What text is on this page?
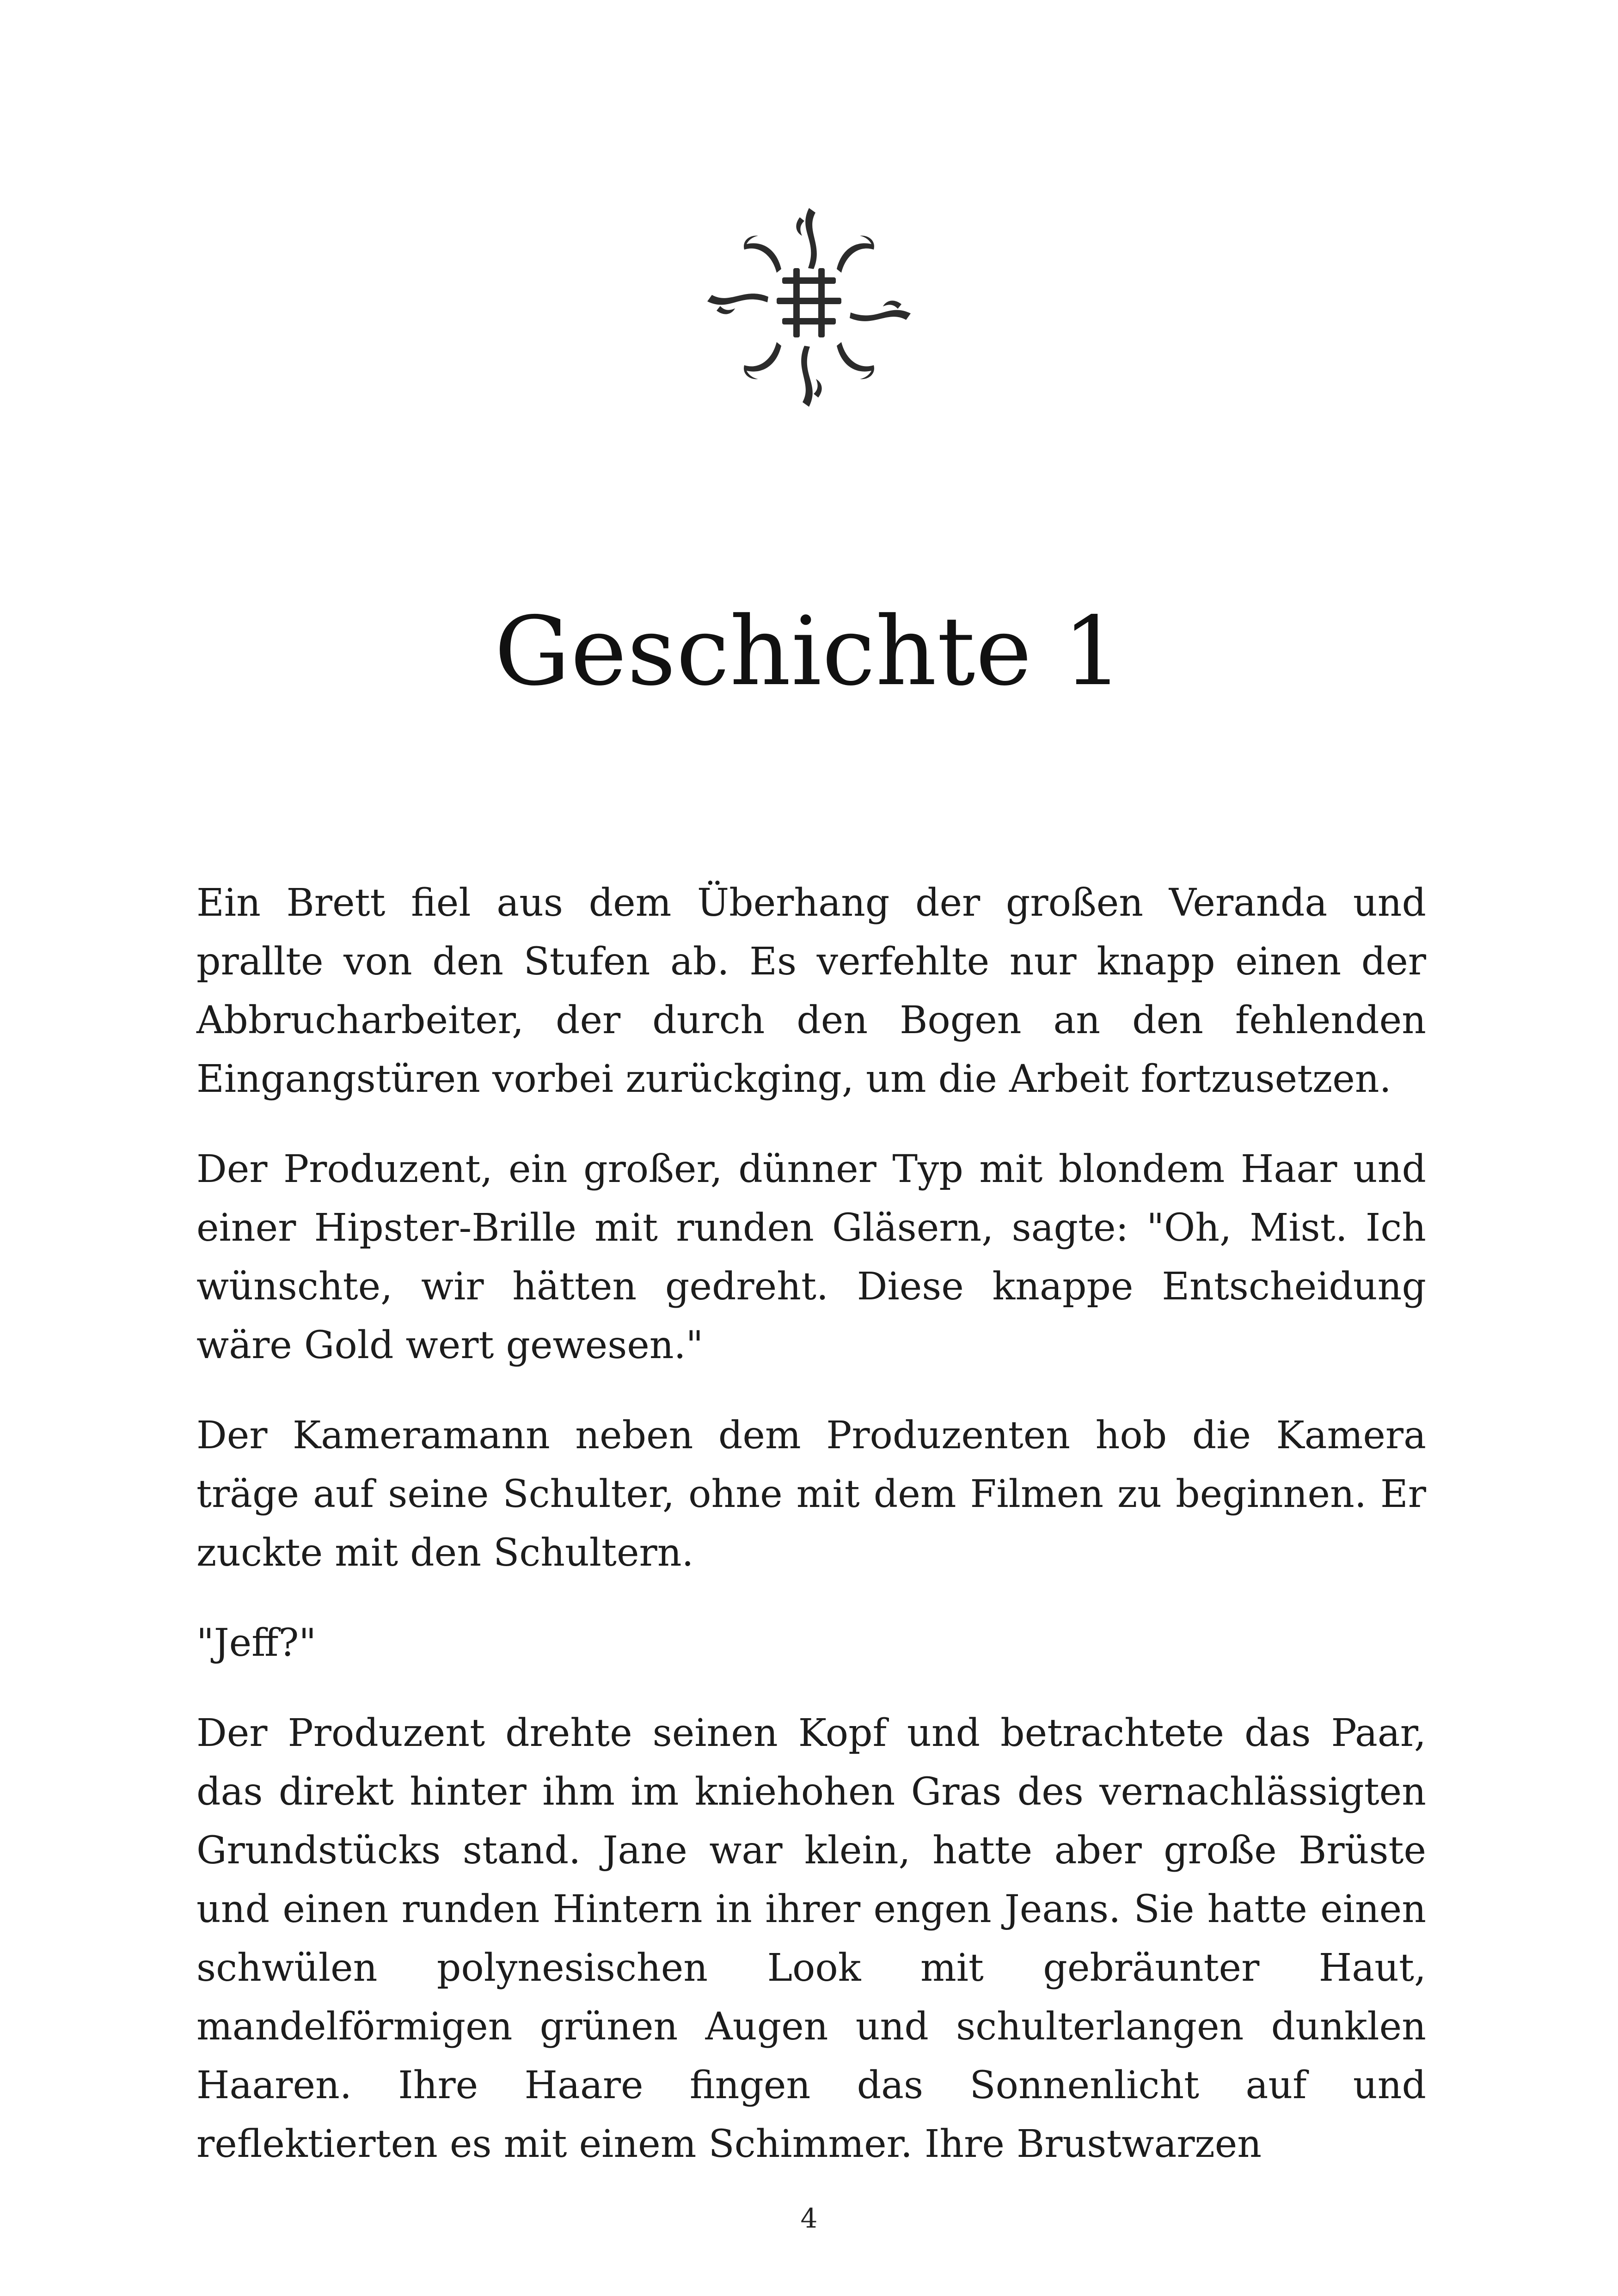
Geschichte 1

Ein Brett fiel aus dem Überhang der großen Veranda und prallte von den Stufen ab. Es verfehlte nur knapp einen der Abbrucharbeiter, der durch den Bogen an den fehlenden Eingangstüren vorbei zurückging, um die Arbeit fortzusetzen.

Der Produzent, ein großer, dünner Typ mit blondem Haar und einer Hipster-Brille mit runden Gläsern, sagte: "Oh, Mist. Ich wünschte, wir hätten gedreht. Diese knappe Entscheidung wäre Gold wert gewesen."

Der Kameramann neben dem Produzenten hob die Kamera träge auf seine Schulter, ohne mit dem Filmen zu beginnen. Er zuckte mit den Schultern.

"Jeff?"

Der Produzent drehte seinen Kopf und betrachtete das Paar, das direkt hinter ihm im kniehohen Gras des vernachlässigten Grundstücks stand. Jane war klein, hatte aber große Brüste und einen runden Hintern in ihrer engen Jeans. Sie hatte einen schwülen polynesischen Look mit gebräunter Haut, mandelförmigen grünen Augen und schulterlangen dunklen Haaren. Ihre Haare fingen das Sonnenlicht auf und reflektierten es mit einem Schimmer. Ihre Brustwarzen

4
